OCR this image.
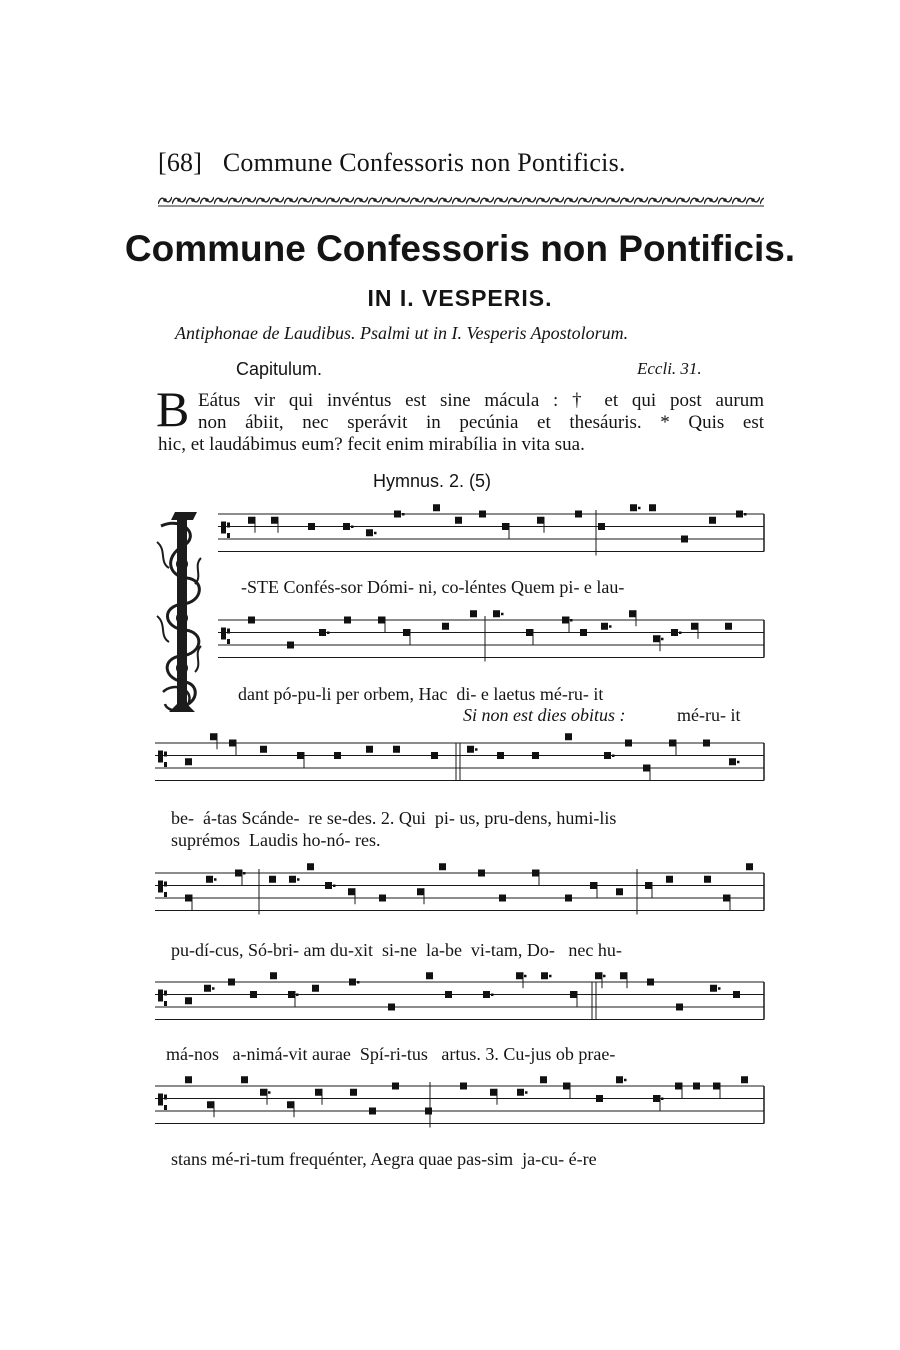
[68] Commune Confessoris non Pontificis.
Commune Confessoris non Pontificis.
IN I. VESPERIS.
Antiphonae de Laudibus. Psalmi ut in I. Vesperis Apostolorum.
Capitulum.	Eccli. 31.
B Eátus vir qui invéntus est sine mácula : † et qui post aurum
non ábiit, nec sperávit in pecúnia et thesáuris. * Quis est
hic, et laudábimus eum? fecit enim mirabília in vita sua.
Hymnus. 2. (5)
-STE Confés-sor Dómi- ni, co-léntes Quem pi- e lau-
dant pó-pu-li per orbem, Hac  di- e laetus mé-ru- it
Si non est dies obitus :	mé-ru- it
be-  á-tas Scánde-  re se-des. 2. Qui  pi- us, pru-dens, humi-lis
suprémos  Laudis ho-nó- res.
pu-dí-cus, Só-bri- am du-xit  si-ne  la-be  vi-tam, Do-   nec hu-
má-nos   a-nimá-vit aurae  Spí-ri-tus   artus. 3. Cu-jus ob prae-
stans mé-ri-tum frequénter, Aegra quae pas-sim  ja-cu- é-re
